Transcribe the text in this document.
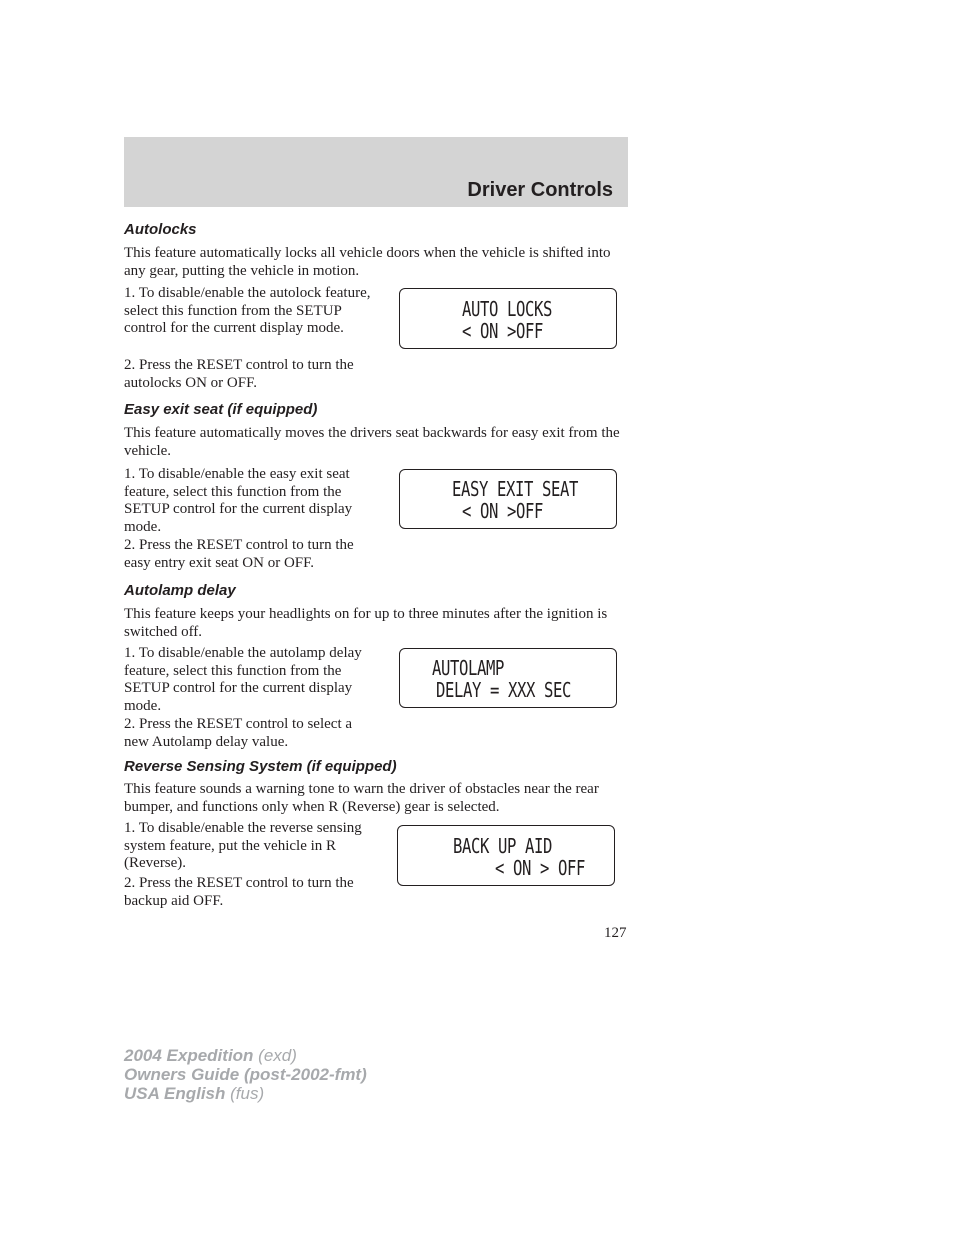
Driver Controls
Autolocks

This feature automatically locks all vehicle doors when the vehicle is shifted into any gear, putting the vehicle in motion.

1. To disable/enable the autolock feature, select this function from the SETUP control for the current display mode.

2. Press the RESET control to turn the autolocks ON or OFF.

AUTO LOCKS
< ON >OFF
Easy exit seat (if equipped)

This feature automatically moves the drivers seat backwards for easy exit from the vehicle.

1. To disable/enable the easy exit seat feature, select this function from the SETUP control for the current display mode.

2. Press the RESET control to turn the easy entry exit seat ON or OFF.

EASY EXIT SEAT
< ON >OFF
Autolamp delay

This feature keeps your headlights on for up to three minutes after the ignition is switched off.

1. To disable/enable the autolamp delay feature, select this function from the SETUP control for the current display mode.

2. Press the RESET control to select a new Autolamp delay value.

AUTOLAMP
DELAY = XXX SEC
Reverse Sensing System (if equipped)

This feature sounds a warning tone to warn the driver of obstacles near the rear bumper, and functions only when R (Reverse) gear is selected.

1. To disable/enable the reverse sensing system feature, put the vehicle in R (Reverse).

2. Press the RESET control to turn the backup aid OFF.

BACK UP AID
< ON > OFF
127
2004 Expedition (exd)
Owners Guide (post-2002-fmt)
USA English (fus)
